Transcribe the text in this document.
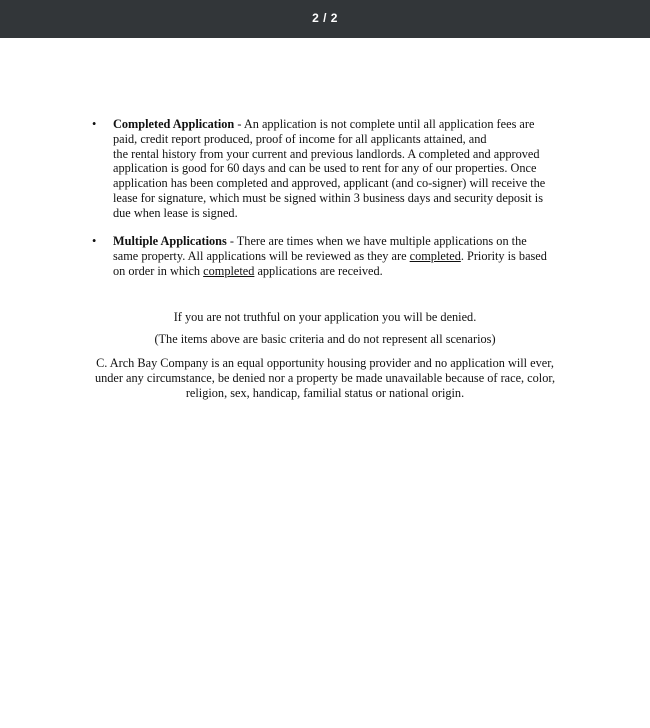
2 / 2
• Completed Application - An application is not complete until all application fees are
paid, credit report produced, proof of income for all applicants attained, and
the rental history from your current and previous landlords. A completed and approved
application is good for 60 days and can be used to rent for any of our properties. Once
application has been completed and approved, applicant (and co-signer) will receive the
lease for signature, which must be signed within 3 business days and security deposit is
due when lease is signed.
• Multiple Applications - There are times when we have multiple applications on the
same property. All applications will be reviewed as they are completed. Priority is based
on order in which completed applications are received.
If you are not truthful on your application you will be denied.
(The items above are basic criteria and do not represent all scenarios)
C. Arch Bay Company is an equal opportunity housing provider and no application will ever,
under any circumstance, be denied nor a property be made unavailable because of race, color,
religion, sex, handicap, familial status or national origin.
